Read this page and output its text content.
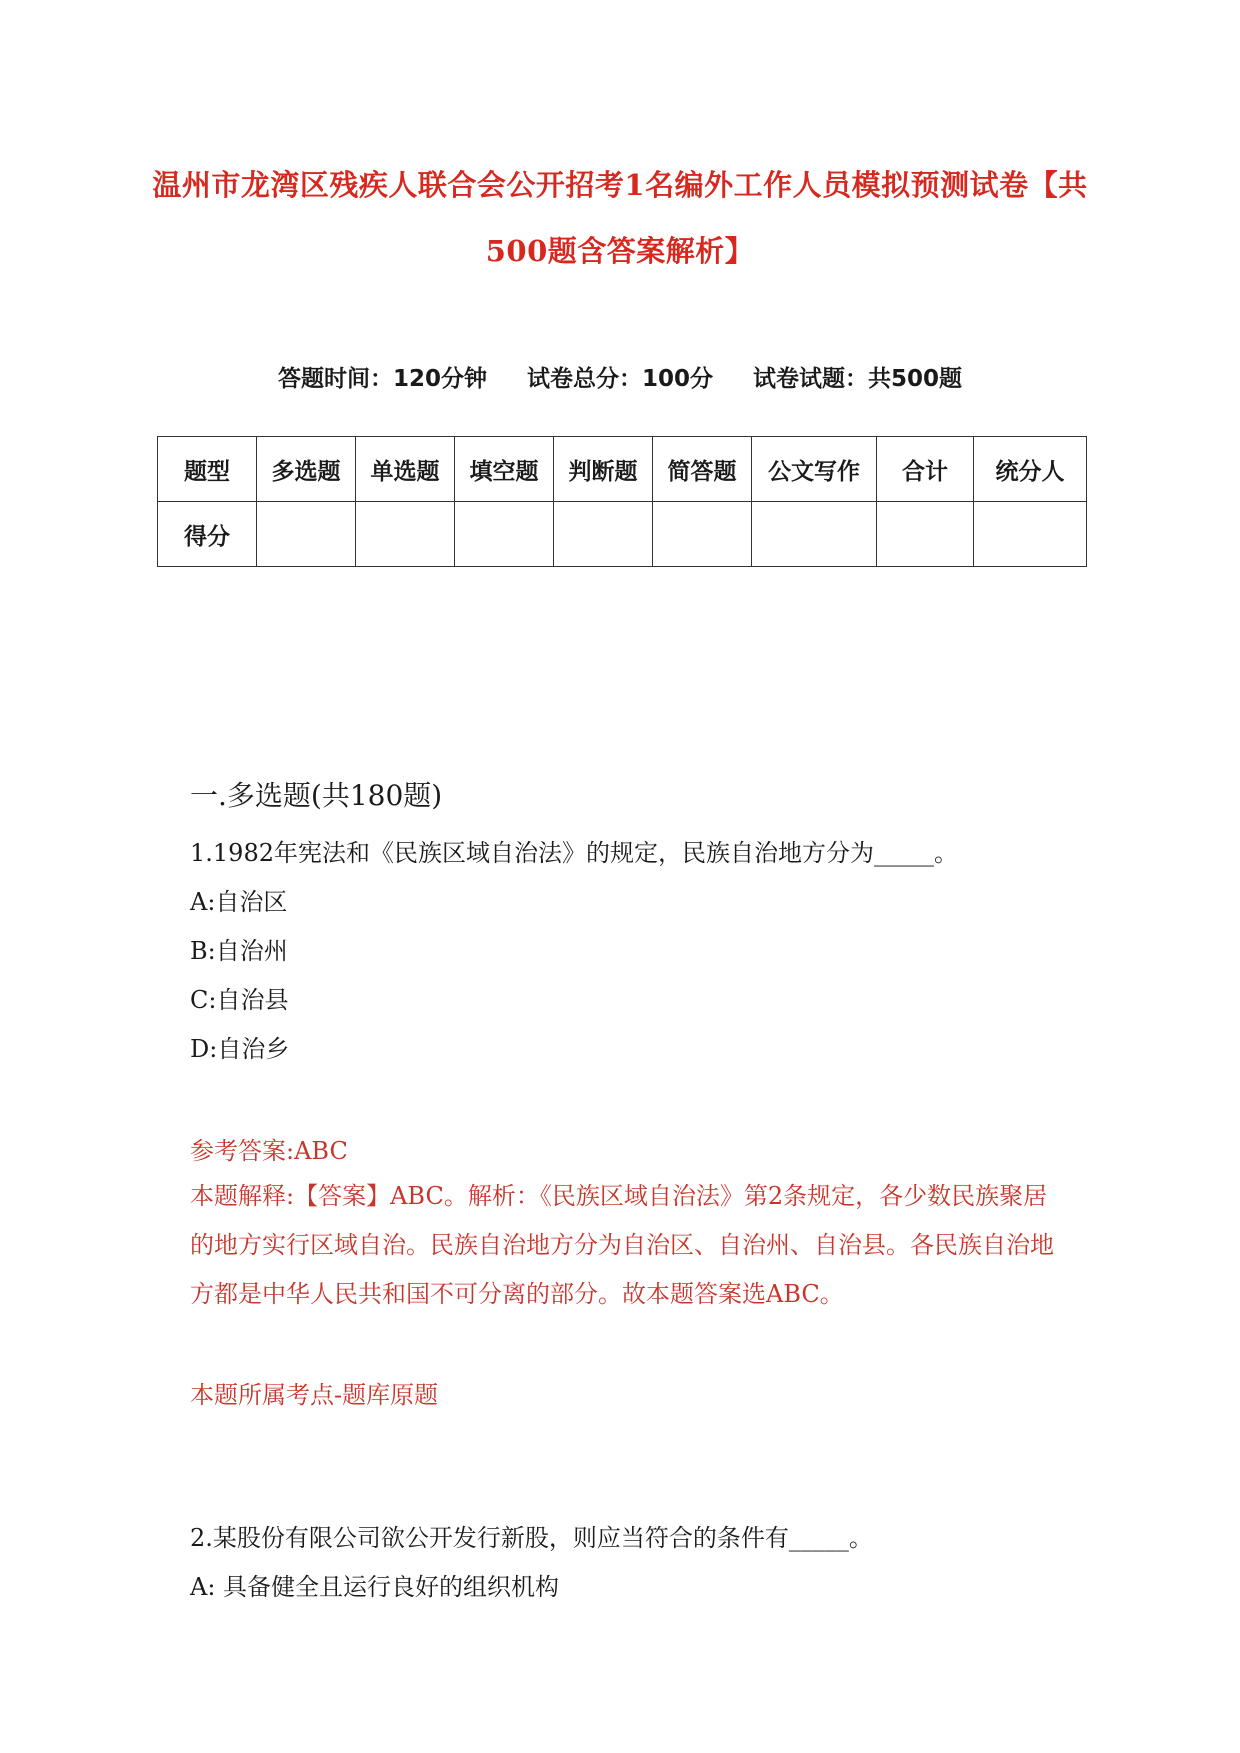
温州市龙湾区残疾人联合会公开招考1名编外工作人员模拟预测试卷【共500题含答案解析】
答题时间：120分钟 试卷总分：100分 试卷试题：共500题
题型	多选题	单选题	填空题	判断题	简答题	公文写作	合计	统分人
得分								
一.多选题(共180题)
1.1982年宪法和《民族区域自治法》的规定，民族自治地方分为_____。
A:自治区
B:自治州
C:自治县
D:自治乡
参考答案:ABC
本题解释:【答案】ABC。解析：《民族区域自治法》第2条规定，各少数民族聚居的地方实行区域自治。民族自治地方分为自治区、自治州、自治县。各民族自治地方都是中华人民共和国不可分离的部分。故本题答案选ABC。
本题所属考点-题库原题
2.某股份有限公司欲公开发行新股，则应当符合的条件有_____。
A: 具备健全且运行良好的组织机构
